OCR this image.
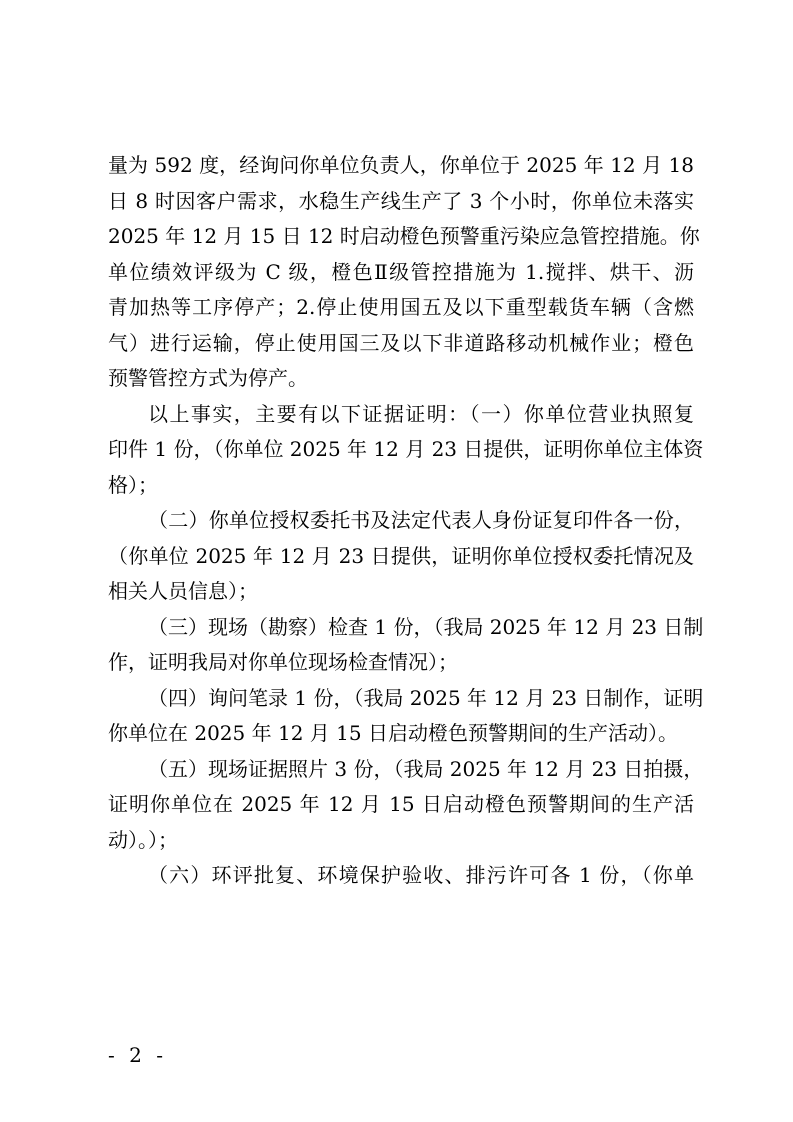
量为 592 度，经询问你单位负责人，你单位于 2025 年 12 月 18
日 8 时因客户需求，水稳生产线生产了 3 个小时，你单位未落实
2025 年 12 月 15 日 12 时启动橙色预警重污染应急管控措施。你
单位绩效评级为 C 级，橙色Ⅱ级管控措施为 1.搅拌、烘干、沥
青加热等工序停产；2.停止使用国五及以下重型载货车辆（含燃
气）进行运输，停止使用国三及以下非道路移动机械作业；橙色
预警管控方式为停产。
以上事实，主要有以下证据证明：（一）你单位营业执照复
印件 1 份，（你单位 2025 年 12 月 23 日提供，证明你单位主体资
格）；
（二）你单位授权委托书及法定代表人身份证复印件各一份，
（你单位 2025 年 12 月 23 日提供，证明你单位授权委托情况及
相关人员信息）；
（三）现场（勘察）检查 1 份，（我局 2025 年 12 月 23 日制
作，证明我局对你单位现场检查情况）；
（四）询问笔录 1 份，（我局 2025 年 12 月 23 日制作，证明
你单位在 2025 年 12 月 15 日启动橙色预警期间的生产活动）。
（五）现场证据照片 3 份，（我局 2025 年 12 月 23 日拍摄，
证明你单位在 2025 年 12 月 15 日启动橙色预警期间的生产活
动）。）；
（六）环评批复、环境保护验收、排污许可各 1 份，（你单
- 2 -
